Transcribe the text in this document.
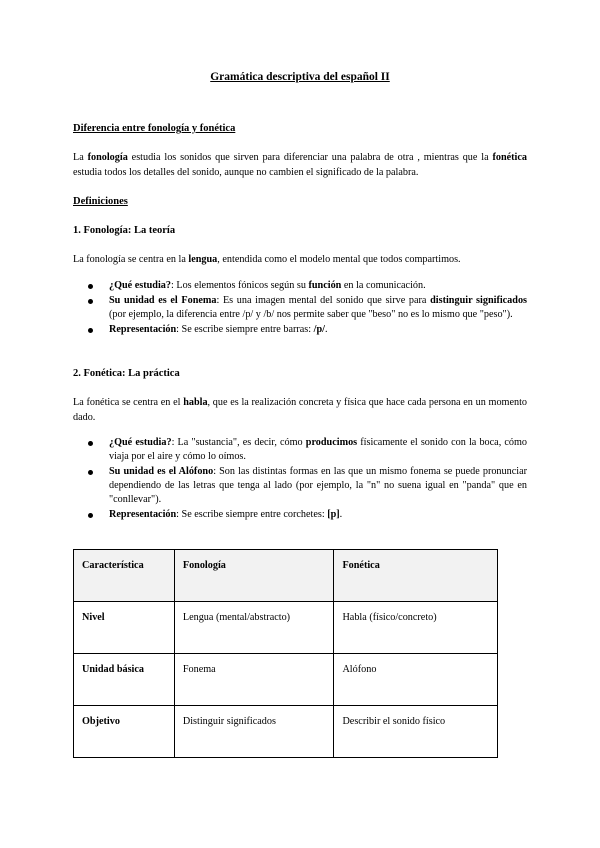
Gramática descriptiva del español II
Diferencia entre fonología y fonética
La fonología estudia los sonidos que sirven para diferenciar una palabra de otra , mientras que la fonética estudia todos los detalles del sonido, aunque no cambien el significado de la palabra.
Definiciones
1. Fonología: La teoría
La fonología se centra en la lengua, entendida como el modelo mental que todos compartimos.
¿Qué estudia?: Los elementos fónicos según su función en la comunicación.
Su unidad es el Fonema: Es una imagen mental del sonido que sirve para distinguir significados (por ejemplo, la diferencia entre /p/ y /b/ nos permite saber que "beso" no es lo mismo que "peso").
Representación: Se escribe siempre entre barras: /p/.
2. Fonética: La práctica
La fonética se centra en el habla, que es la realización concreta y física que hace cada persona en un momento dado.
¿Qué estudia?: La "sustancia", es decir, cómo producimos físicamente el sonido con la boca, cómo viaja por el aire y cómo lo oímos.
Su unidad es el Alófono: Son las distintas formas en las que un mismo fonema se puede pronunciar dependiendo de las letras que tenga al lado (por ejemplo, la "n" no suena igual en "panda" que en "conllevar").
Representación: Se escribe siempre entre corchetes: [p].
Característica	Fonología	Fonética
Nivel	Lengua (mental/abstracto)	Habla (físico/concreto)
Unidad básica	Fonema	Alófono
Objetivo	Distinguir significados	Describir el sonido físico
